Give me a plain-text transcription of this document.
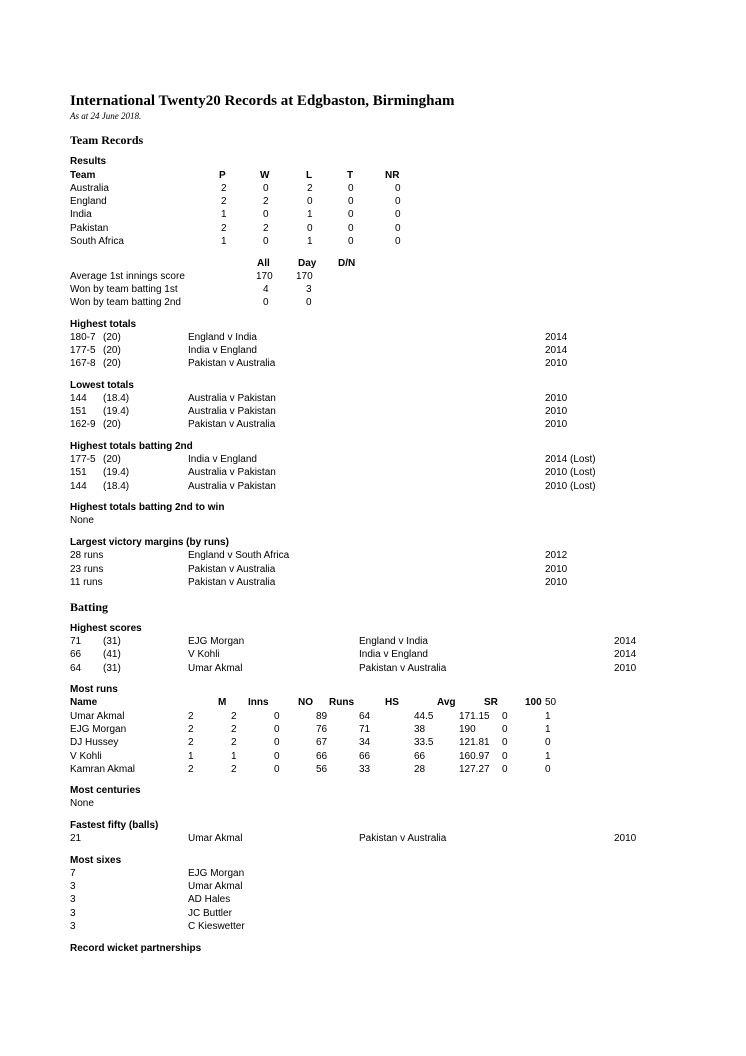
International Twenty20 Records at Edgbaston, Birmingham
As at 24 June 2018.
Team Records
Results
Team	P	W	L	T	NR
Australia	2	0	2	0	0
England	2	2	0	0	0
India	1	0	1	0	0
Pakistan	2	2	0	0	0
South Africa	1	0	1	0	0
All	Day D/N
Average 1st innings score	170 170
Won by team batting 1st	4	3
Won by team batting 2nd	0	0
Highest totals
180-7 (20)	England v India	2014
177-5 (20)	India v England	2014
167-8 (20)	Pakistan v Australia	2010
Lowest totals
144 (18.4)	Australia v Pakistan	2010
151 (19.4)	Australia v Pakistan	2010
162-9 (20)	Pakistan v Australia	2010
Highest totals batting 2nd
177-5 (20)	India v England	2014 (Lost)
151 (19.4)	Australia v Pakistan	2010 (Lost)
144 (18.4)	Australia v Pakistan	2010 (Lost)
Highest totals batting 2nd to win
None
Largest victory margins (by runs)
28 runs	England v South Africa	2012
23 runs	Pakistan v Australia	2010
11 runs	Pakistan v Australia	2010
Batting
Highest scores
71 (31)	EJG Morgan	England v India	2014
66 (41)	V Kohli	India v England	2014
64 (31)	Umar Akmal	Pakistan v Australia	2010
Most runs
Name	M Inns	NO Runs	HS	Avg	SR	100 50
Umar Akmal	2	2	0	89	64	44.5	171.15 0	1
EJG Morgan	2	2	0	76	71	38	190	0	1
DJ Hussey	2	2	0	67	34	33.5	121.81 0	0
V Kohli	1	1	0	66	66	66	160.97 0	1
Kamran Akmal	2	2	0	56	33	28	127.27 0	0
Most centuries
None
Fastest fifty (balls)
21	Umar Akmal	Pakistan v Australia	2010
Most sixes
7	EJG Morgan
3	Umar Akmal
3	AD Hales
3	JC Buttler
3	C Kieswetter
Record wicket partnerships
